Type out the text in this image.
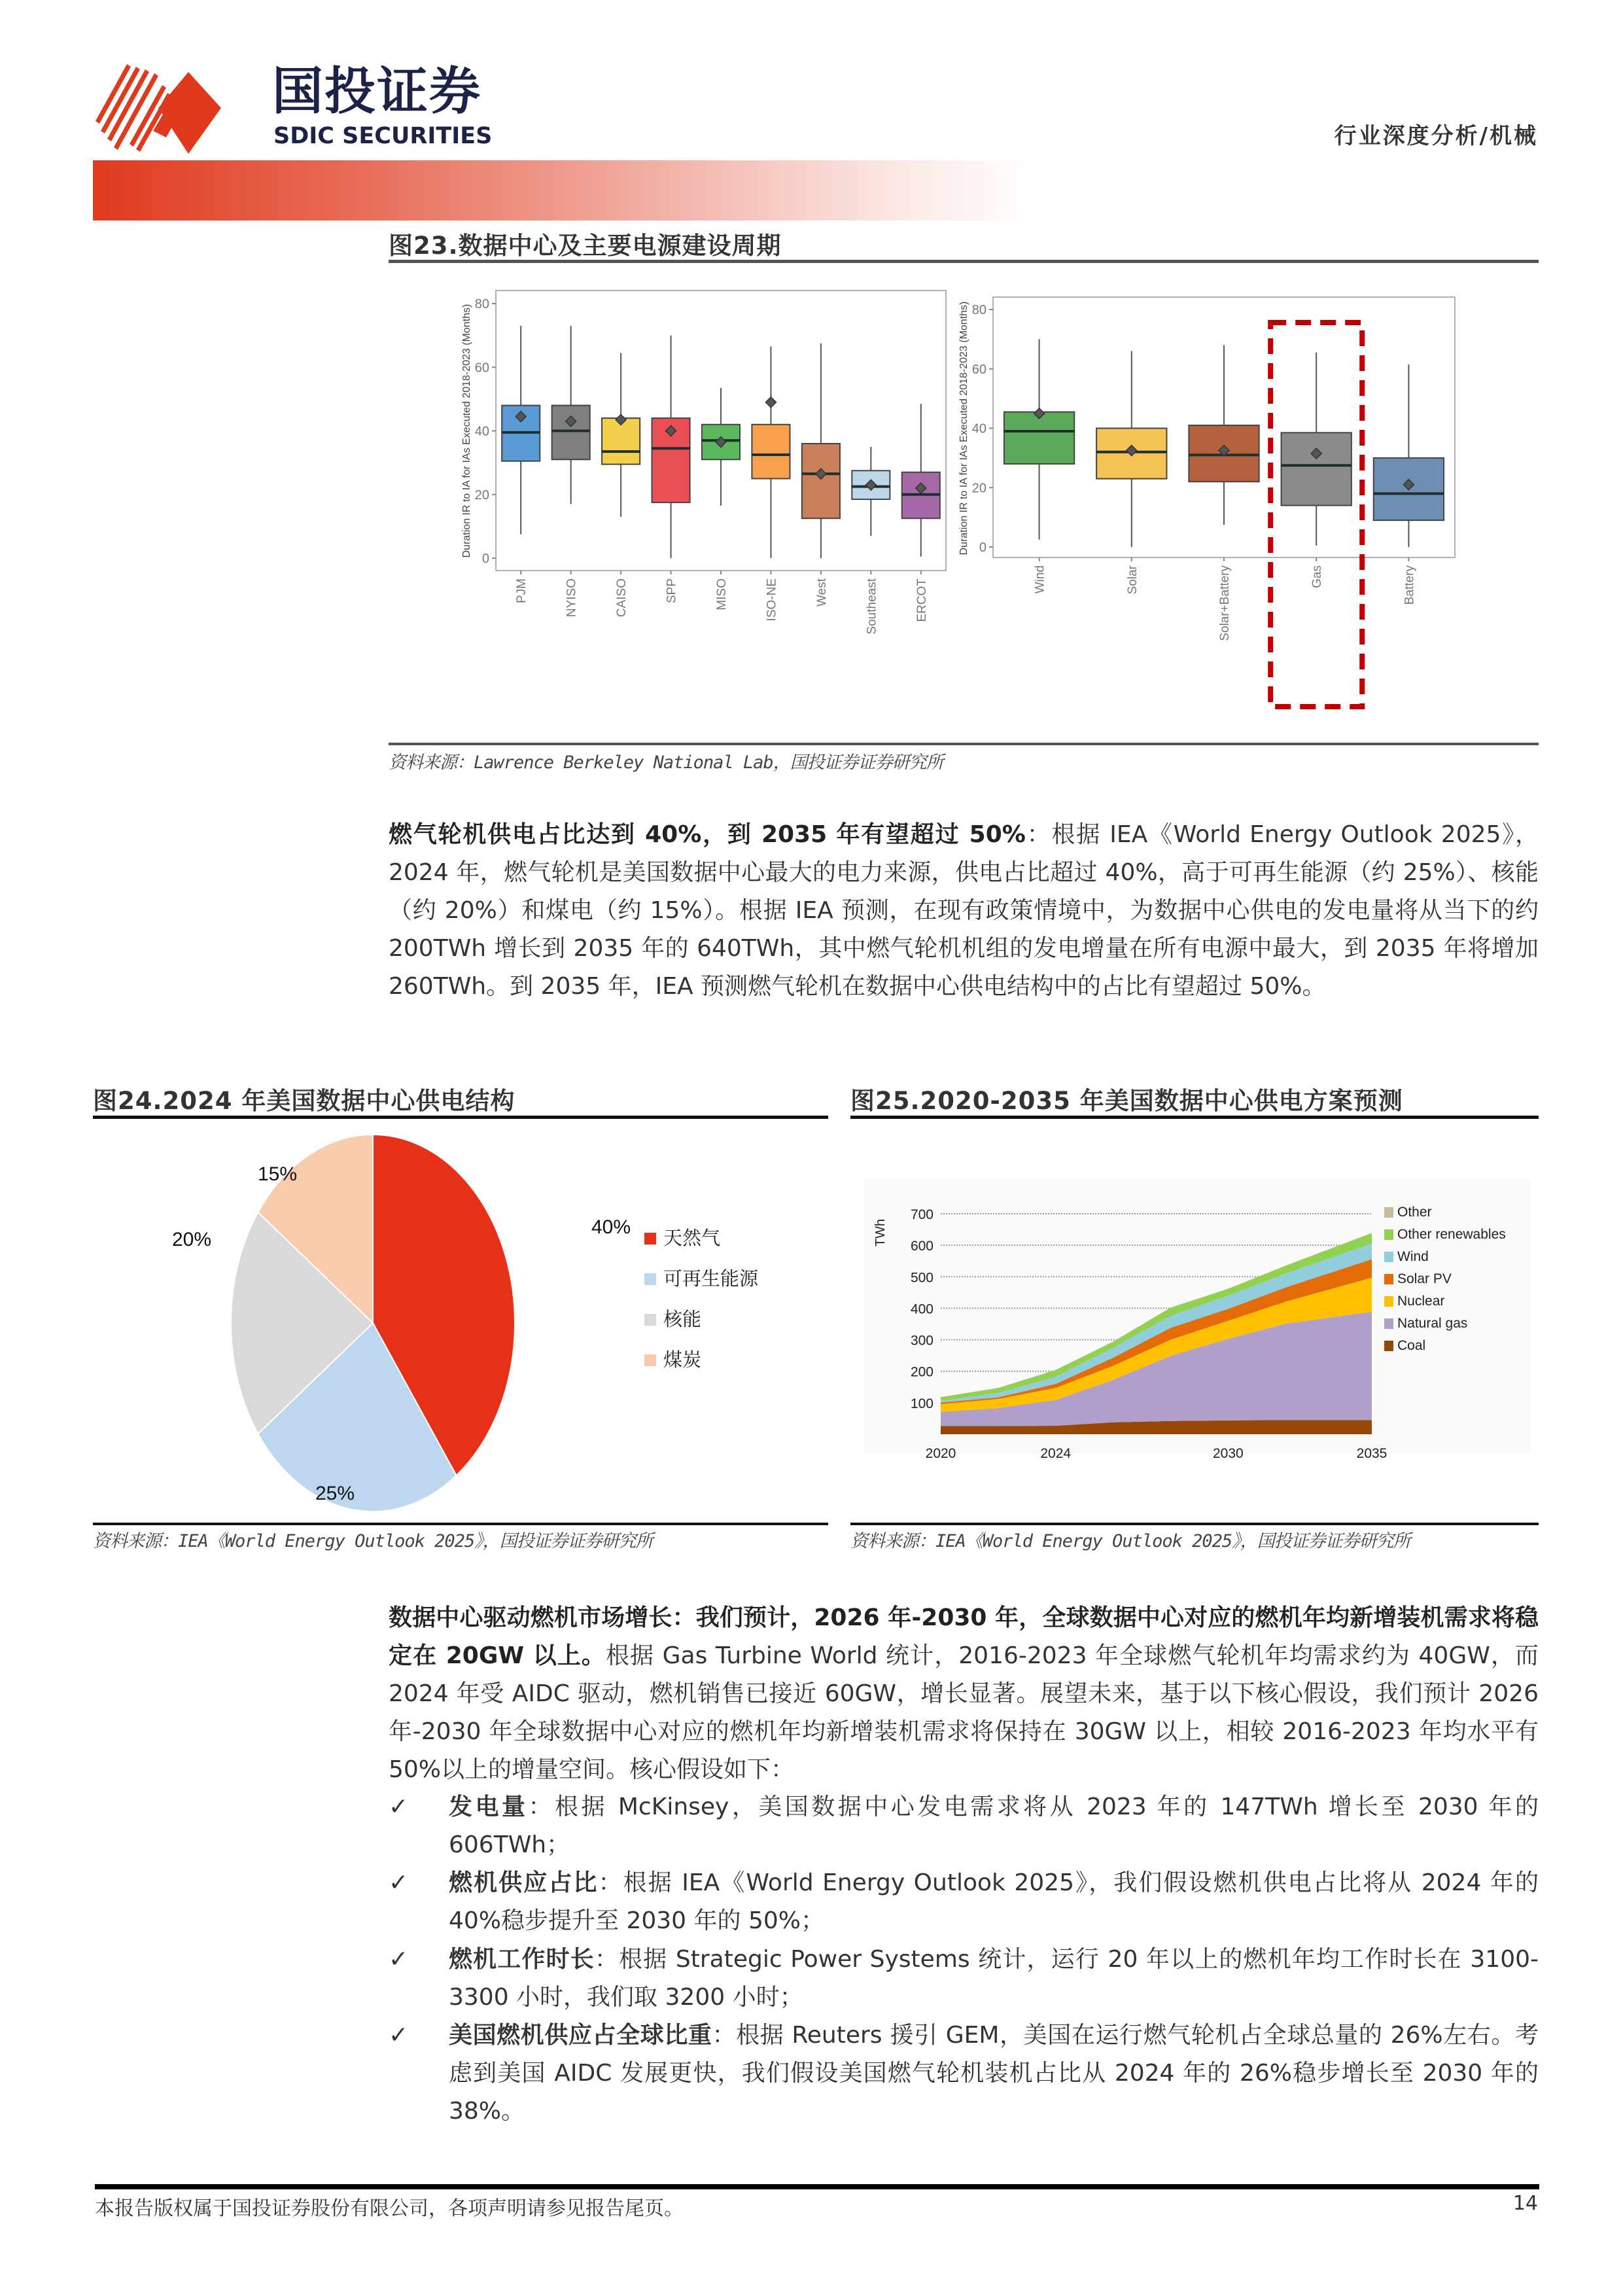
国投证券
SDIC SECURITIES	行业深度分析/机械
图23.数据中心及主要电源建设周期
0
20
40
60
80
Duration IR to IA for IAs Executed 2018-2023 (Months)
PJM	NYISO	CAISO	SPP	MISO	ISO-NE	West	Southeast	ERCOT
0
20
40
60
80
Duration IR to IA for IAs Executed 2018-2023 (Months)
Wind	Solar	Solar+Battery	Gas	Battery
资料来源：Lawrence Berkeley National Lab，国投证券证券研究所
燃气轮机供电占比达到 40%，到 2035 年有望超过 50%：根据 IEA《World Energy Outlook 2025》，2024 年，燃气轮机是美国数据中心最大的电力来源，供电占比超过 40%，高于可再生能源（约 25%）、核能（约 20%）和煤电（约 15%）。根据 IEA 预测，在现有政策情境中，为数据中心供电的发电量将从当下的约 200TWh 增长到 2035 年的 640TWh，其中燃气轮机机组的发电增量在所有电源中最大，到 2035 年将增加 260TWh。到 2035 年，IEA 预测燃气轮机在数据中心供电结构中的占比有望超过 50%。
图24.2024 年美国数据中心供电结构
40%
25%
20%
15%
天然气
可再生能源
核能
煤炭
资料来源：IEA《World Energy Outlook 2025》，国投证券证券研究所
图25.2020-2035 年美国数据中心供电方案预测
100
200
300
400
500
600
700
TWh
2020	2024	2030	2035
Other
Other renewables
Wind
Solar PV
Nuclear
Natural gas
Coal
资料来源：IEA《World Energy Outlook 2025》，国投证券证券研究所
数据中心驱动燃机市场增长：我们预计，2026 年-2030 年，全球数据中心对应的燃机年均新增装机需求将稳定在 20GW 以上。根据 Gas Turbine World 统计，2016-2023 年全球燃气轮机年均需求约为 40GW，而 2024 年受 AIDC 驱动，燃机销售已接近 60GW，增长显著。展望未来，基于以下核心假设，我们预计 2026 年-2030 年全球数据中心对应的燃机年均新增装机需求将保持在 30GW 以上，相较 2016-2023 年均水平有 50%以上的增量空间。核心假设如下：
✓ 发电量：根据 McKinsey，美国数据中心发电需求将从 2023 年的 147TWh 增长至 2030 年的 606TWh；
✓ 燃机供应占比：根据 IEA《World Energy Outlook 2025》，我们假设燃机供电占比将从 2024 年的 40%稳步提升至 2030 年的 50%；
✓ 燃机工作时长：根据 Strategic Power Systems 统计，运行 20 年以上的燃机年均工作时长在 3100-3300 小时，我们取 3200 小时；
✓ 美国燃机供应占全球比重：根据 Reuters 援引 GEM，美国在运行燃气轮机占全球总量的 26%左右。考虑到美国 AIDC 发展更快，我们假设美国燃气轮机装机占比从 2024 年的 26%稳步增长至 2030 年的 38%。
本报告版权属于国投证券股份有限公司，各项声明请参见报告尾页。	14
